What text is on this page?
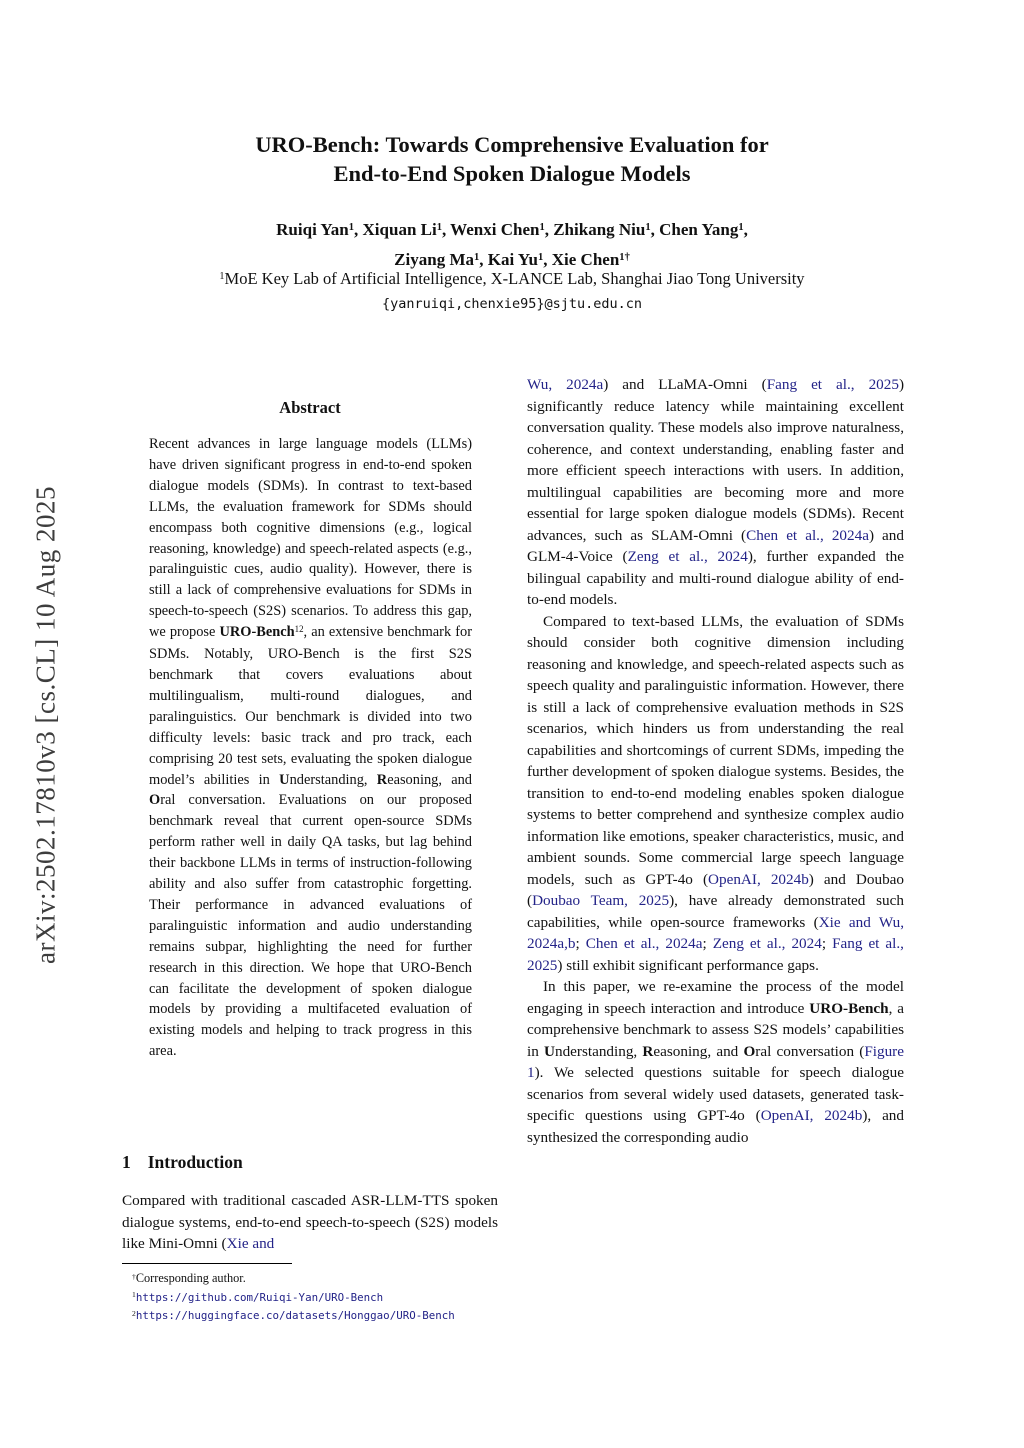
arXiv:2502.17810v3 [cs.CL] 10 Aug 2025
URO-Bench: Towards Comprehensive Evaluation for
End-to-End Spoken Dialogue Models
Ruiqi Yan$^1$, Xiquan Li$^1$, Wenxi Chen$^1$, Zhikang Niu$^1$, Chen Yang$^1$,
Ziyang Ma$^1$, Kai Yu$^1$, Xie Chen$^{1\dagger}$
$^1$MoE Key Lab of Artificial Intelligence, X-LANCE Lab, Shanghai Jiao Tong University
{yanruiqi,chenxie95}@sjtu.edu.cn
Abstract
Recent advances in large language models (LLMs) have driven significant progress in end-to-end spoken dialogue models (SDMs). In contrast to text-based LLMs, the evaluation framework for SDMs should encompass both cognitive dimensions (e.g., logical reasoning, knowledge) and speech-related aspects (e.g., paralinguistic cues, audio quality). However, there is still a lack of comprehensive evaluations for SDMs in speech-to-speech (S2S) scenarios. To address this gap, we propose URO-Bench$^{12}$, an extensive benchmark for SDMs. Notably, URO-Bench is the first S2S benchmark that covers evaluations about multilingualism, multi-round dialogues, and paralinguistics. Our benchmark is divided into two difficulty levels: basic track and pro track, each comprising 20 test sets, evaluating the spoken dialogue model’s abilities in Understanding, Reasoning, and Oral conversation. Evaluations on our proposed benchmark reveal that current open-source SDMs perform rather well in daily QA tasks, but lag behind their backbone LLMs in terms of instruction-following ability and also suffer from catastrophic forgetting. Their performance in advanced evaluations of paralinguistic information and audio understanding remains subpar, highlighting the need for further research in this direction. We hope that URO-Bench can facilitate the development of spoken dialogue models by providing a multifaceted evaluation of existing models and helping to track progress in this area.
1 Introduction
Compared with traditional cascaded ASR-LLM-TTS spoken dialogue systems, end-to-end speech-to-speech (S2S) models like Mini-Omni (Xie and

†Corresponding author.

$^1$https://github.com/Ruiqi-Yan/URO-Bench

$^2$https://huggingface.co/datasets/Honggao/URO-Bench

Wu, 2024a) and LLaMA-Omni (Fang et al., 2025) significantly reduce latency while maintaining excellent conversation quality. These models also improve naturalness, coherence, and context understanding, enabling faster and more efficient speech interactions with users. In addition, multilingual capabilities are becoming more and more essential for large spoken dialogue models (SDMs). Recent advances, such as SLAM-Omni (Chen et al., 2024a) and GLM-4-Voice (Zeng et al., 2024), further expanded the bilingual capability and multi-round dialogue ability of end-to-end models.

Compared to text-based LLMs, the evaluation of SDMs should consider both cognitive dimension including reasoning and knowledge, and speech-related aspects such as speech quality and paralinguistic information. However, there is still a lack of comprehensive evaluation methods in S2S scenarios, which hinders us from understanding the real capabilities and shortcomings of current SDMs, impeding the further development of spoken dialogue systems. Besides, the transition to end-to-end modeling enables spoken dialogue systems to better comprehend and synthesize complex audio information like emotions, speaker characteristics, music, and ambient sounds. Some commercial large speech language models, such as GPT-4o (OpenAI, 2024b) and Doubao (Doubao Team, 2025), have already demonstrated such capabilities, while open-source frameworks (Xie and Wu, 2024a,b; Chen et al., 2024a; Zeng et al., 2024; Fang et al., 2025) still exhibit significant performance gaps.

In this paper, we re-examine the process of the model engaging in speech interaction and introduce URO-Bench, a comprehensive benchmark to assess S2S models’ capabilities in Understanding, Reasoning, and Oral conversation (Figure 1). We selected questions suitable for speech dialogue scenarios from several widely used datasets, generated task-specific questions using GPT-4o (OpenAI, 2024b), and synthesized the corresponding audio
